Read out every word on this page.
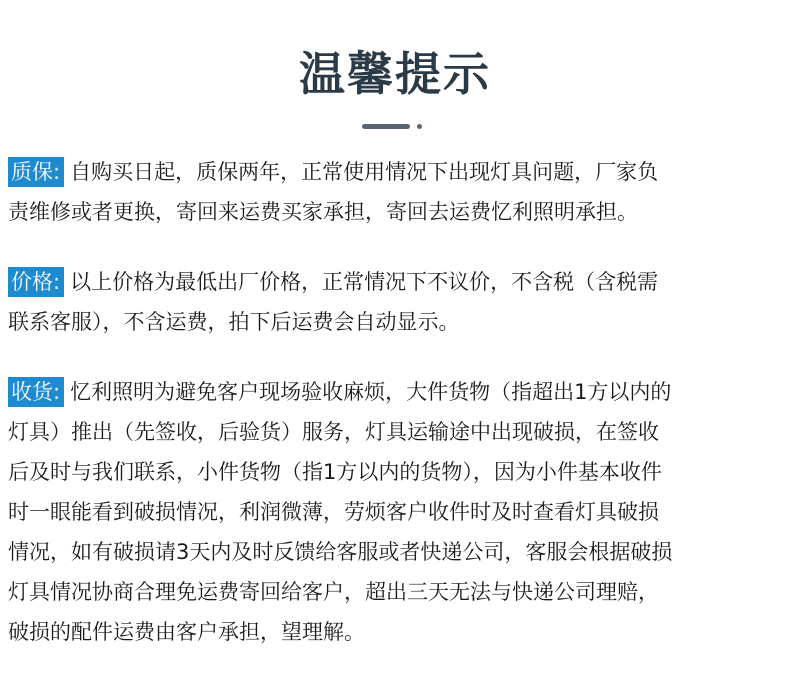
温馨提示
质保: 自购买日起，质保两年，正常使用情况下出现灯具问题，厂家负
责维修或者更换，寄回来运费买家承担，寄回去运费忆利照明承担。
价格: 以上价格为最低出厂价格，正常情况下不议价，不含税（含税需
联系客服），不含运费，拍下后运费会自动显示。
收货: 忆利照明为避免客户现场验收麻烦，大件货物（指超出1方以内的
灯具）推出（先签收，后验货）服务，灯具运输途中出现破损，在签收
后及时与我们联系，小件货物（指1方以内的货物），因为小件基本收件
时一眼能看到破损情况，利润微薄，劳烦客户收件时及时查看灯具破损
情况，如有破损请3天内及时反馈给客服或者快递公司，客服会根据破损
灯具情况协商合理免运费寄回给客户，超出三天无法与快递公司理赔，
破损的配件运费由客户承担，望理解。
